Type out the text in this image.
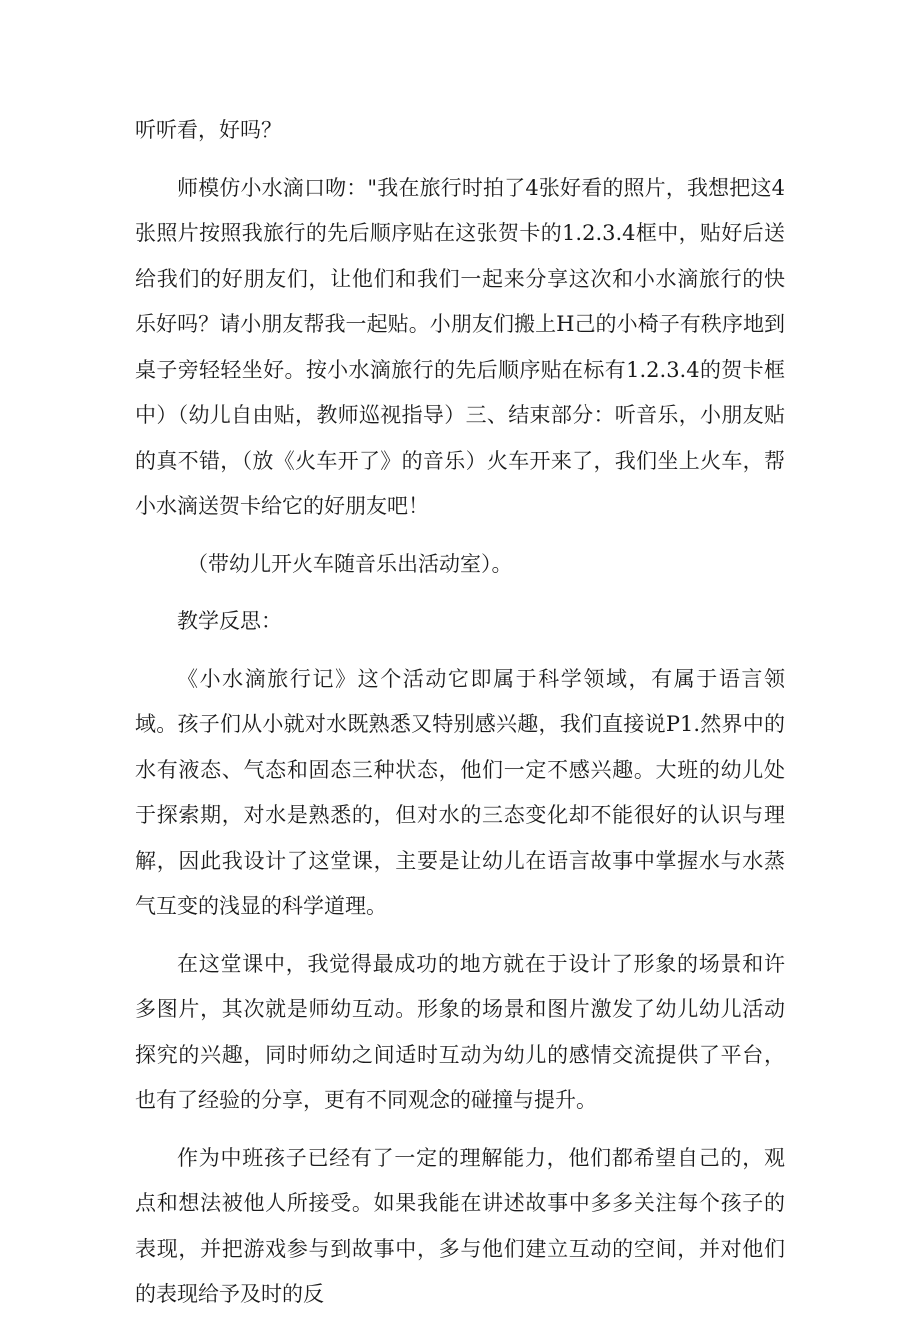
听听看，好吗？

师模仿小水滴口吻："我在旅行时拍了4张好看的照片，我想把这4张照片按照我旅行的先后顺序贴在这张贺卡的1.2.3.4框中，贴好后送给我们的好朋友们，让他们和我们一起来分享这次和小水滴旅行的快乐好吗？请小朋友帮我一起贴。小朋友们搬上H己的小椅子有秩序地到桌子旁轻轻坐好。按小水滴旅行的先后顺序贴在标有1.2.3.4的贺卡框中）（幼儿自由贴，教师巡视指导）三、结束部分：听音乐，小朋友贴的真不错，（放《火车开了》的音乐）火车开来了，我们坐上火车，帮小水滴送贺卡给它的好朋友吧！

（带幼儿开火车随音乐出活动室）。

教学反思：

《小水滴旅行记》这个活动它即属于科学领域，有属于语言领域。孩子们从小就对水既熟悉又特别感兴趣，我们直接说P1.然界中的水有液态、气态和固态三种状态，他们一定不感兴趣。大班的幼儿处于探索期，对水是熟悉的，但对水的三态变化却不能很好的认识与理解，因此我设计了这堂课，主要是让幼儿在语言故事中掌握水与水蒸气互变的浅显的科学道理。

在这堂课中，我觉得最成功的地方就在于设计了形象的场景和许多图片，其次就是师幼互动。形象的场景和图片激发了幼儿幼儿活动探究的兴趣，同时师幼之间适时互动为幼儿的感情交流提供了平台，也有了经验的分享，更有不同观念的碰撞与提升。

作为中班孩子已经有了一定的理解能力，他们都希望自己的，观点和想法被他人所接受。如果我能在讲述故事中多多关注每个孩子的表现，并把游戏参与到故事中，多与他们建立互动的空间，并对他们的表现给予及时的反
